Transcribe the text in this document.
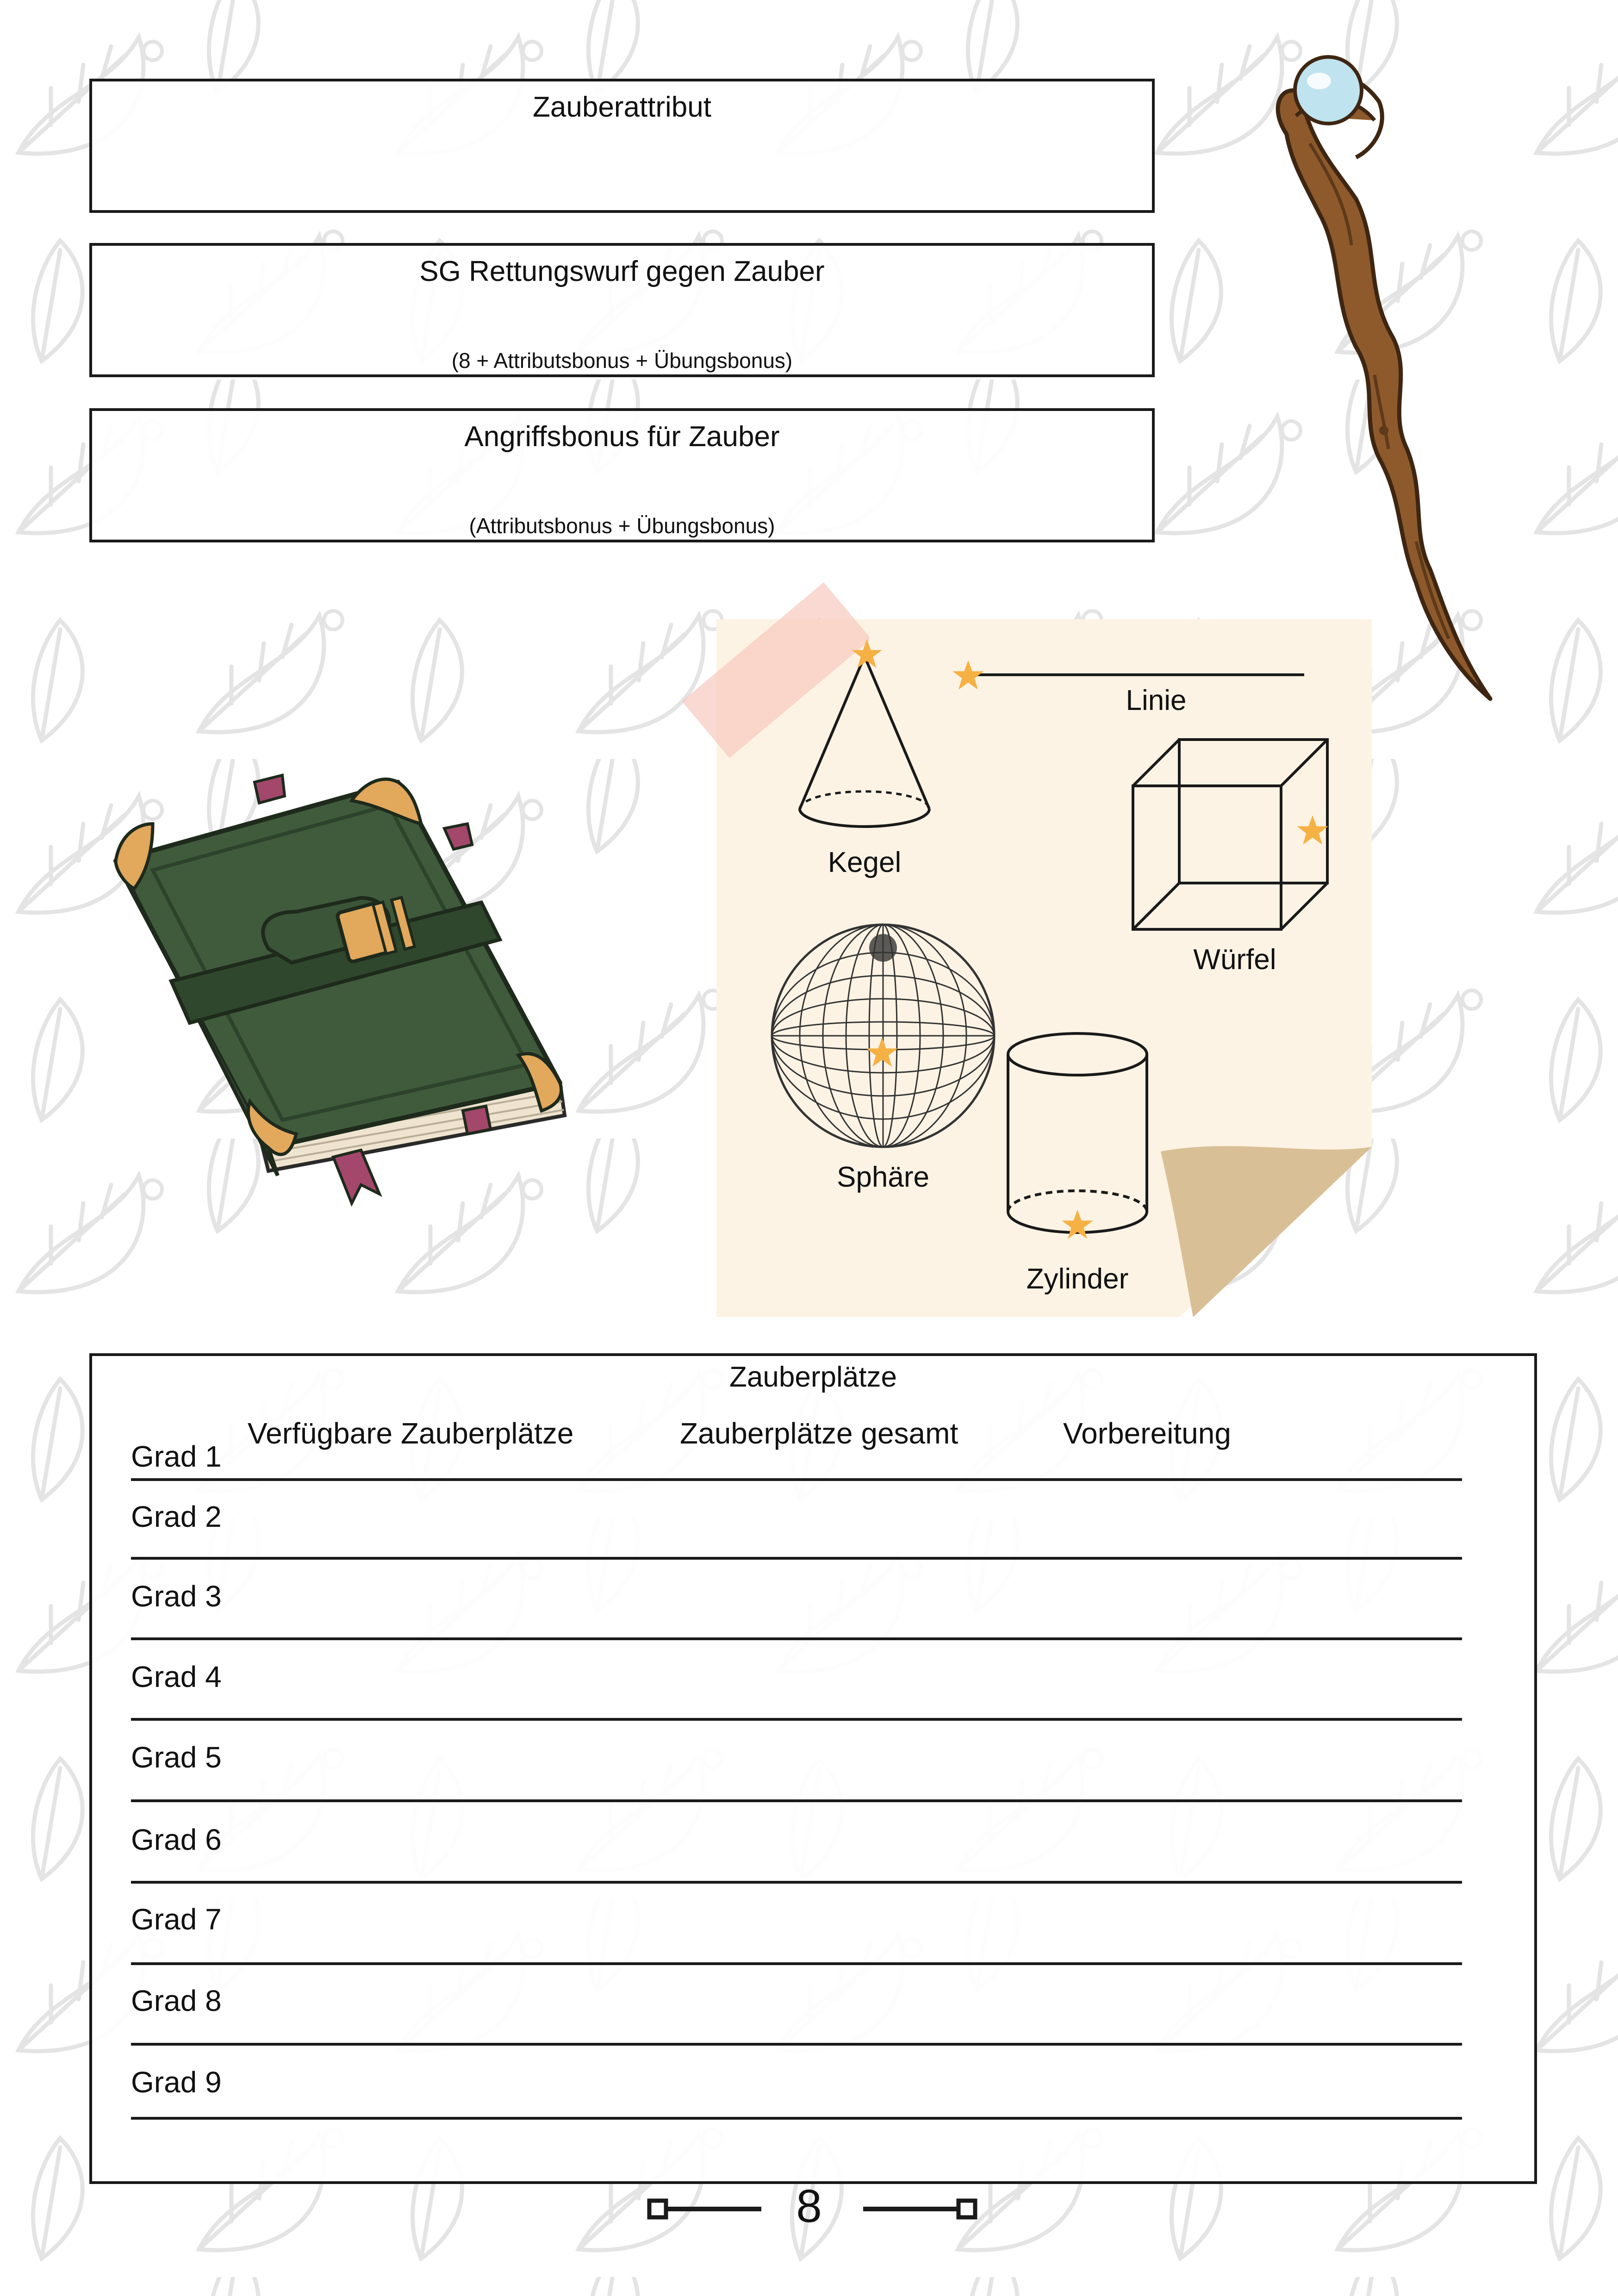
Zauberattribut
SG Rettungswurf gegen Zauber
(8 + Attributsbonus + Übungsbonus)
Angriffsbonus für Zauber
(Attributsbonus + Übungsbonus)
Kegel
Linie
Würfel
Sphäre
Zylinder
Zauberplätze
Verfügbare Zauberplätze	Zauberplätze gesamt	Vorbereitung
Grad 1
Grad 2
Grad 3
Grad 4
Grad 5
Grad 6
Grad 7
Grad 8
Grad 9
8
